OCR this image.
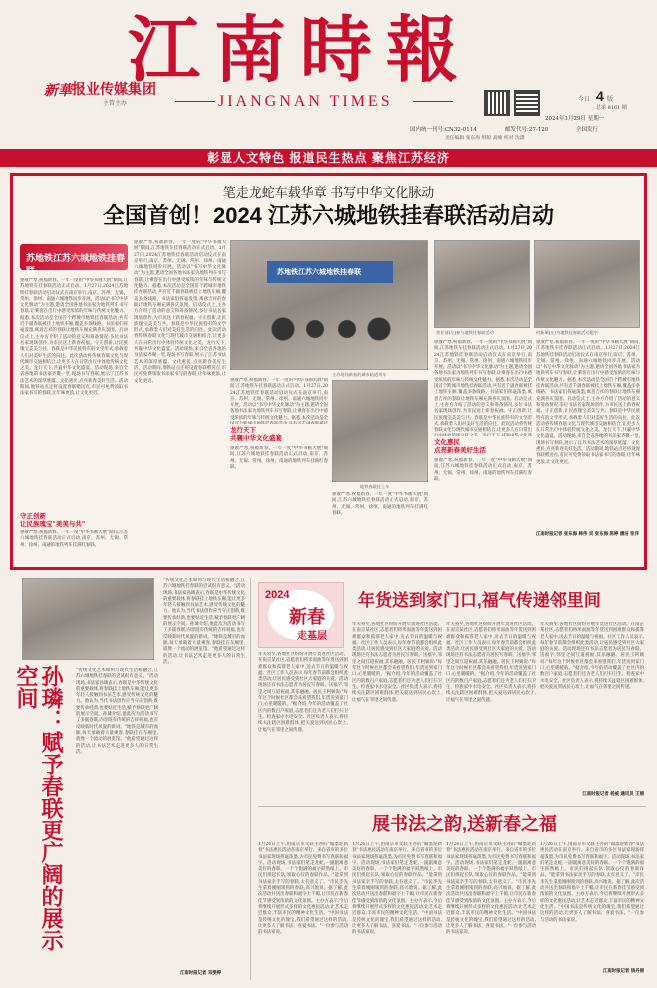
江南時報
JIANGNAN TIMES
新華 报业传媒集团
主管主办
今日 4 版
总第 8161 期
2024年1月29日 星期一
国内统一刊号:CN32-0114	邮发代号:27-120	全国发行
责任编辑 张东海 组版 高峻 校对 沈潇
彰显人文特色 报道民生热点 聚焦江苏经济
笔走龙蛇车载华章 书写中华文化脉动
全国首创！2024 江苏六城地铁挂春联活动启动
苏地铁江苏六城地铁挂春联
驱散严寒,祝福新春。一年一度的"中华书画大展"期间,江苏地铁车挂春联活动正式启动。1月27日,2024江苏地铁挂春联活动启动仪式在南京举行,南京、苏州、无锡、常州、徐州、南通六城地铁同步开展。活动以"书写中华文化脉动"为主题,邀请全国各地书法家为地铁列车书写春联,让乘客在出行中感受浓浓的年味与传统文化魅力。据悉,本次活动是全国首个跨城市地铁挂春联活动,共有近千副春联被挂上地铁车厢,覆盖多条线路。书法家们挥毫泼墨,寓意吉祥的春联让地铁车厢充满喜庆氛围。启动仪式上,主办方介绍了活动的意义和筹备情况,多位书法名家现场创作,为市民送上新春祝福。守正创新,让民族瑰宝美美与共。春联是中华民族特有的文学形式,承载着人们对美好生活的向往。此次活动将传统春联文化与现代城市交通相结合,让更多人在日常出行中体验传统文化之美。龙行天下,共襄中华文化盛宴。活动现场,来自全省各地的书法家齐聚一堂,现场书写春联,展示了江苏书法艺术的深厚底蕴。文化惠民,点亮新春美好生活。活动期间,地铁站点还将设置春联赠送点,市民可免费领取书法家书写的春联,让年味更浓,让文化更近。
守正创新
让民族瑰宝"美美与共"
驱散严寒,祝福新春。一年一度"中华书画大展"期间,江苏六城地铁挂春联活动正式启动,南京、苏州、无锡、常州、徐州、南通的地铁列车挂满红春联。
驱散严寒,祝福新春。一年一度的"中华书画大展"期间,江苏地铁车挂春联活动正式启动。1月27日,2024江苏地铁挂春联活动启动仪式在南京举行,南京、苏州、无锡、常州、徐州、南通六城地铁同步开展。活动以"书写中华文化脉动"为主题,邀请全国各地书法家为地铁列车书写春联,让乘客在出行中感受浓浓的年味与传统文化魅力。据悉,本次活动是全国首个跨城市地铁挂春联活动,共有近千副春联被挂上地铁车厢,覆盖多条线路。书法家们挥毫泼墨,寓意吉祥的春联让地铁车厢充满喜庆氛围。启动仪式上,主办方介绍了活动的意义和筹备情况,多位书法名家现场创作,为市民送上新春祝福。守正创新,让民族瑰宝美美与共。春联是中华民族特有的文学形式,承载着人们对美好生活的向往。此次活动将传统春联文化与现代城市交通相结合,让更多人在日常出行中体验传统文化之美。龙行天下,共襄中华文化盛宴。活动现场,来自全省各地的书法家齐聚一堂,现场书写春联,展示了江苏书法艺术的深厚底蕴。文化惠民,点亮新春美好生活。活动期间,地铁站点还将设置春联赠送点,市民可免费领取书法家书写的春联,让年味更浓,让文化更近。
苏地铁江苏六城地铁挂春联
主办现场新春的城市轨道列车
营业部(左)参与地铁挂春联活动	何新瑞(左)为地铁挂春联活动题字
驱散严寒,祝福新春。一年一度的"中华书画大展"期间,江苏地铁车挂春联活动正式启动。1月27日,2024江苏地铁挂春联活动启动仪式在南京举行,南京、苏州、无锡、常州、徐州、南通六城地铁同步开展。活动以"书写中华文化脉动"为主题,邀请全国各地书法家为地铁列车书写春联,让乘客在出行中感受浓浓的年味与传统文化魅力。据悉,本次活动是全
龙行天下
共襄中华文化盛宴
驱散严寒,祝福新春。一年一度"中华书画大展"期间,江苏六城地铁挂春联活动正式启动,南京、苏州、无锡、常州、徐州、南通的地铁列车挂满红春联。
地铁春联挂上车
驱散严寒,祝福新春。一年一度"中华书画大展"期间,江苏六城地铁挂春联活动正式启动,南京、苏州、无锡、常州、徐州、南通的地铁列车挂满红春联。
驱散严寒,祝福新春。一年一度的"中华书画大展"期间,江苏地铁车挂春联活动正式启动。1月27日,2024江苏地铁挂春联活动启动仪式在南京举行,南京、苏州、无锡、常州、徐州、南通六城地铁同步开展。活动以"书写中华文化脉动"为主题,邀请全国各地书法家为地铁列车书写春联,让乘客在出行中感受浓浓的年味与传统文化魅力。据悉,本次活动是全国首个跨城市地铁挂春联活动,共有近千副春联被挂上地铁车厢,覆盖多条线路。书法家们挥毫泼墨,寓意吉祥的春联让地铁车厢充满喜庆氛围。启动仪式上,主办方介绍了活动的意义和筹备情况,多位书法名家现场创作,为市民送上新春祝福。守正创新,让民族瑰宝美美与共。春联是中华民族特有的文学形式,承载着人们对美好生活的向往。此次活动将传统春联文化与现代城市交通相结合,让更多人在日常出
文化惠民
点亮新春美好生活
驱散严寒,祝福新春。一年一度"中华书画大展"期间,江苏六城地铁挂春联活动正式启动,南京、苏州、无锡、常州、徐州、南通的地铁列车挂满红春联。
驱散严寒,祝福新春。一年一度的"中华书画大展"期间,江苏地铁车挂春联活动正式启动。1月27日,2024江苏地铁挂春联活动启动仪式在南京举行,南京、苏州、无锡、常州、徐州、南通六城地铁同步开展。活动以"书写中华文化脉动"为主题,邀请全国各地书法家为地铁列车书写春联,让乘客在出行中感受浓浓的年味与传统文化魅力。据悉,本次活动是全国首个跨城市地铁挂春联活动,共有近千副春联被挂上地铁车厢,覆盖多条线路。书法家们挥毫泼墨,寓意吉祥的春联让地铁车厢充满喜庆氛围。启动仪式上,主办方介绍了活动的意义和筹备情况,多位书法名家现场创作,为市民送上新春祝福。守正创新,让民族瑰宝美美与共。春联是中华民族特有的文学形式,承载着人们对美好生活的向往。此次活动将传统春联文化与现代城市交通相结合,让更多人在日常出行中体验传统文化之美。龙行天下,共襄中华文化盛宴。活动现场,来自全省各地的书法家齐聚一堂,现场书写春联,展示了江苏书法艺术的深厚底蕴。文化惠民,点亮新春美好生活。活动期间,地铁站点还将设置春联赠送点,市民可免费领取书法家书写的春联,让年味更浓,让文化更近。
江南时报记者 张东海 韩伟 吴 张东海 陈婷 潘洁 张洋
孙璘：赋予春联更广阔的展示空间	"传统文化艺术如何与现代生活相融合,江苏六城地铁挂春联的尝试很有意义。"活动现场,书法家孙璘表示,春联是中华传统文化的重要载体,将春联挂上地铁车厢,能让更多年轻人接触到书法艺术,感受传统文化的魅力。他认为,当代书法创作应当守正创新,既要传承经典,也要贴近生活,赋予春联更广阔的展示空间。孙璘介绍,他此次为活动书写了多副春联,内容既有传统的吉祥祝福,也有反映新时代风貌的新词。"地铁是城市的血脉,每天承载着大量乘客,春联挂在车厢里,就像一个流动的展览馆。"他希望通过这样的活动,让书法艺术走进更多人的日常生活。
"传统文化艺术如何与现代生活相融合,江苏六城地铁挂春联的尝试很有意义。"活动现场,书法家孙璘表示,春联是中华传统文化的重要载体,将春联挂上地铁车厢,能让更多年轻人接触到书法艺术,感受传统文化的魅力。他认为,当代书法创作应当守正创新,既要传承经典,也要贴近生活,赋予春联更广阔的展示空间。孙璘介绍,他此次为活动书写了多副春联,内容既有传统的吉祥祝福,也有反映新时代风貌的新词。"地铁是城市的血脉,每天承载着大量乘客,春联挂在车厢里,就像一个流动的展览馆。"他希望通过这样的活动,让书法艺术走进更多人的日常生活。
江南时报记者 邓雯婷
2024
新春
走基层
年货送到家门口,福气传递邻里间
年关将至,各地社区纷纷开展年货进社区活动。在南京某社区,志愿者们将米面油等年货送到困难群众和孤寡老人家中,送去节日的温暖与祝福。社区工作人员表示,每年春节前都会组织此类活动,让居民感受到社区大家庭的关爱。活动现场还有书法志愿者为居民写春联、送福字,邻里之间互道祝福,其乐融融。居民王阿姨说:"每年这个时候社区都会来看望我们,年货送到家门口,心里暖暖的。"据介绍,今年的活动覆盖了社区内的数百户家庭,志愿者们还为老人们打扫卫生、检查家中水电安全。社区负责人表示,将持续关注辖区困难群体,把关爱送到居民心坎上,让福气在邻里之间传递。
年关将至,各地社区纷纷开展年货进社区活动。在南京某社区,志愿者们将米面油等年货送到困难群众和孤寡老人家中,送去节日的温暖与祝福。社区工作人员表示,每年春节前都会组织此类活动,让居民感受到社区大家庭的关爱。活动现场还有书法志愿者为居民写春联、送福字,邻里之间互道祝福,其乐融融。居民王阿姨说:"每年这个时候社区都会来看望我们,年货送到家门口,心里暖暖的。"据介绍,今年的活动覆盖了社区内的数百户家庭,志愿者们还为老人们打扫卫生、检查家中水电安全。社区负责人表示,将持续关注辖区困难群体,把关爱送到居民心坎上,让福气在邻里之间传递。
年关将至,各地社区纷纷开展年货进社区活动。在南京某社区,志愿者们将米面油等年货送到困难群众和孤寡老人家中,送去节日的温暖与祝福。社区工作人员表示,每年春节前都会组织此类活动,让居民感受到社区大家庭的关爱。活动现场还有书法志愿者为居民写春联、送福字,邻里之间互道祝福,其乐融融。居民王阿姨说:"每年这个时候社区都会来看望我们,年货送到家门口,心里暖暖的。"据介绍,今年的活动覆盖了社区内的数百户家庭,志愿者们还为老人们打扫卫生、检查家中水电安全。社区负责人表示,将持续关注辖区困难群体,把关爱送到居民心坎上,让福气在邻里之间传递。
年关将至,各地社区纷纷开展年货进社区活动。在南京某社区,志愿者们将米面油等年货送到困难群众和孤寡老人家中,送去节日的温暖与祝福。社区工作人员表示,每年春节前都会组织此类活动,让居民感受到社区大家庭的关爱。活动现场还有书法志愿者为居民写春联、送福字,邻里之间互道祝福,其乐融融。居民王阿姨说:"每年这个时候社区都会来看望我们,年货送到家门口,心里暖暖的。"据介绍,今年的活动覆盖了社区内的数百户家庭,志愿者们还为老人们打扫卫生、检查家中水电安全。社区负责人表示,将持续关注辖区困难群体,把关爱送到居民心坎上,让福气在邻里之间传递。
江南时报记者 杨威 通讯员 王丽
展书法之韵,送新春之福
1月26日上午,由南京市文联主办的"翰墨迎新春"书法惠民活动在南京举行。来自省市的多位书法家现场挥毫泼墨,为市民免费书写春联和福字。活动现场,书法家们笔走龙蛇,一副副寓意美好的春联、一个个饱满的福字跃然纸上。市民们排起长队,领取心仪的春联作品。"能拿到书法家亲手写的春联,太有意义了。"市民李先生拿着刚刚领到的春联,高兴地说。据了解,此次活动共送出春联和福字上千幅,让市民在新春佳节感受到浓浓的文化氛围。主办方表示,今后将继续开展形式多样的文化惠民活动,让艺术走近群众,丰富市民的精神文化生活。"中国书法是传统文化的瑰宝,我们希望通过这样的活动,让更多人了解书法、喜爱书法。"一位参与活动的书法家说。
1月26日上午,由南京市文联主办的"翰墨迎新春"书法惠民活动在南京举行。来自省市的多位书法家现场挥毫泼墨,为市民免费书写春联和福字。活动现场,书法家们笔走龙蛇,一副副寓意美好的春联、一个个饱满的福字跃然纸上。市民们排起长队,领取心仪的春联作品。"能拿到书法家亲手写的春联,太有意义了。"市民李先生拿着刚刚领到的春联,高兴地说。据了解,此次活动共送出春联和福字上千幅,让市民在新春佳节感受到浓浓的文化氛围。主办方表示,今后将继续开展形式多样的文化惠民活动,让艺术走近群众,丰富市民的精神文化生活。"中国书法是传统文化的瑰宝,我们希望通过这样的活动,让更多人了解书法、喜爱书法。"一位参与活动的书法家说。
1月26日上午,由南京市文联主办的"翰墨迎新春"书法惠民活动在南京举行。来自省市的多位书法家现场挥毫泼墨,为市民免费书写春联和福字。活动现场,书法家们笔走龙蛇,一副副寓意美好的春联、一个个饱满的福字跃然纸上。市民们排起长队,领取心仪的春联作品。"能拿到书法家亲手写的春联,太有意义了。"市民李先生拿着刚刚领到的春联,高兴地说。据了解,此次活动共送出春联和福字上千幅,让市民在新春佳节感受到浓浓的文化氛围。主办方表示,今后将继续开展形式多样的文化惠民活动,让艺术走近群众,丰富市民的精神文化生活。"中国书法是传统文化的瑰宝,我们希望通过这样的活动,让更多人了解书法、喜爱书法。"一位参与活动的书法家说。
1月26日上午,由南京市文联主办的"翰墨迎新春"书法惠民活动在南京举行。来自省市的多位书法家现场挥毫泼墨,为市民免费书写春联和福字。活动现场,书法家们笔走龙蛇,一副副寓意美好的春联、一个个饱满的福字跃然纸上。市民们排起长队,领取心仪的春联作品。"能拿到书法家亲手写的春联,太有意义了。"市民李先生拿着刚刚领到的春联,高兴地说。据了解,此次活动共送出春联和福字上千幅,让市民在新春佳节感受到浓浓的文化氛围。主办方表示,今后将继续开展形式多样的文化惠民活动,让艺术走近群众,丰富市民的精神文化生活。"中国书法是传统文化的瑰宝,我们希望通过这样的活动,让更多人了解书法、喜爱书法。"一位参与活动的书法家说。
江南时报记者 钱丹丽
